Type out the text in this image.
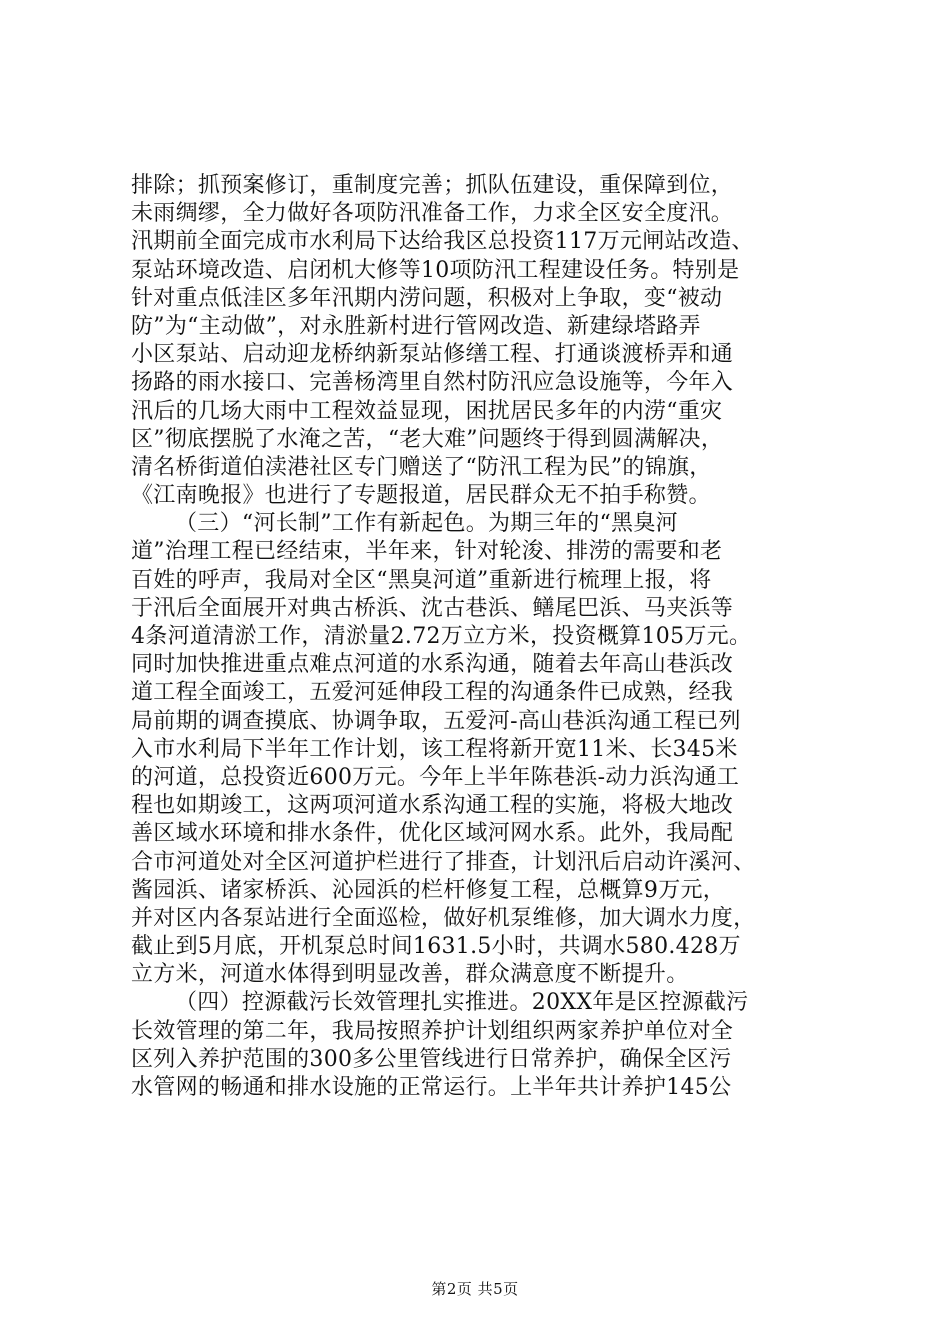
排除；抓预案修订，重制度完善；抓队伍建设，重保障到位，
未雨绸缪，全力做好各项防汛准备工作，力求全区安全度汛。
汛期前全面完成市水利局下达给我区总投资117万元闸站改造、
泵站环境改造、启闭机大修等10项防汛工程建设任务。特别是
针对重点低洼区多年汛期内涝问题，积极对上争取，变“被动
防”为“主动做”，对永胜新村进行管网改造、新建绿塔路弄
小区泵站、启动迎龙桥纳新泵站修缮工程、打通谈渡桥弄和通
扬路的雨水接口、完善杨湾里自然村防汛应急设施等，今年入
汛后的几场大雨中工程效益显现，困扰居民多年的内涝“重灾
区”彻底摆脱了水淹之苦，“老大难”问题终于得到圆满解决，
清名桥街道伯渎港社区专门赠送了“防汛工程为民”的锦旗，
《江南晚报》也进行了专题报道，居民群众无不拍手称赞。
（三）“河长制”工作有新起色。为期三年的“黑臭河
道”治理工程已经结束，半年来，针对轮浚、排涝的需要和老
百姓的呼声，我局对全区“黑臭河道”重新进行梳理上报，将
于汛后全面展开对典古桥浜、沈古巷浜、鳝尾巴浜、马夹浜等
4条河道清淤工作，清淤量2.72万立方米，投资概算105万元。
同时加快推进重点难点河道的水系沟通，随着去年高山巷浜改
道工程全面竣工，五爱河延伸段工程的沟通条件已成熟，经我
局前期的调查摸底、协调争取，五爱河-高山巷浜沟通工程已列
入市水利局下半年工作计划，该工程将新开宽11米、长345米
的河道，总投资近600万元。今年上半年陈巷浜-动力浜沟通工
程也如期竣工，这两项河道水系沟通工程的实施，将极大地改
善区域水环境和排水条件，优化区域河网水系。此外，我局配
合市河道处对全区河道护栏进行了排查，计划汛后启动许溪河、
酱园浜、诸家桥浜、沁园浜的栏杆修复工程，总概算9万元，
并对区内各泵站进行全面巡检，做好机泵维修，加大调水力度，
截止到5月底，开机泵总时间1631.5小时，共调水580.428万
立方米，河道水体得到明显改善，群众满意度不断提升。
（四）控源截污长效管理扎实推进。20XX年是区控源截污
长效管理的第二年，我局按照养护计划组织两家养护单位对全
区列入养护范围的300多公里管线进行日常养护，确保全区污
水管网的畅通和排水设施的正常运行。上半年共计养护145公
第2页 共5页
